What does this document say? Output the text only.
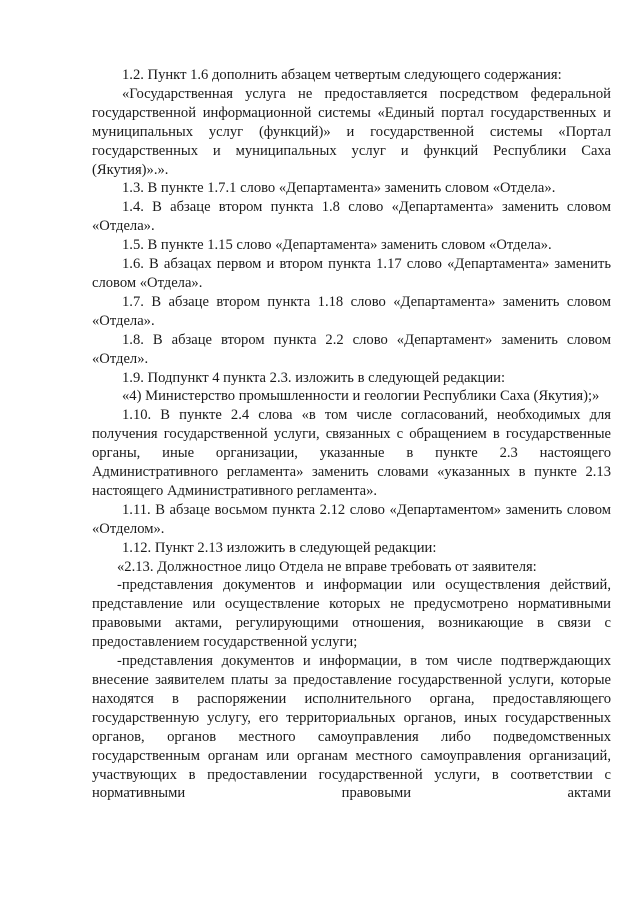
1.2. Пункт 1.6 дополнить абзацем четвертым следующего содержания:

«Государственная услуга не предоставляется посредством федеральной государственной информационной системы «Единый портал государственных и муниципальных услуг (функций)» и государственной системы «Портал государственных и муниципальных услуг и функций Республики Саха (Якутия)».».

1.3. В пункте 1.7.1 слово «Департамента» заменить словом «Отдела».

1.4. В абзаце втором пункта 1.8 слово «Департамента» заменить словом «Отдела».

1.5. В пункте 1.15 слово «Департамента» заменить словом «Отдела».

1.6. В абзацах первом и втором пункта 1.17 слово «Департамента» заменить словом «Отдела».

1.7. В абзаце втором пункта 1.18 слово «Департамента» заменить словом «Отдела».

1.8. В абзаце втором пункта 2.2 слово «Департамент» заменить словом «Отдел».

1.9. Подпункт 4 пункта 2.3. изложить в следующей редакции:

«4) Министерство промышленности и геологии Республики Саха (Якутия);»

1.10. В пункте 2.4 слова «в том числе согласований, необходимых для получения государственной услуги, связанных с обращением в государственные органы, иные организации, указанные в пункте 2.3 настоящего Административного регламента» заменить словами «указанных в пункте 2.13 настоящего Административного регламента».

1.11. В абзаце восьмом пункта 2.12 слово «Департаментом» заменить словом «Отделом».

1.12. Пункт 2.13 изложить в следующей редакции:

«2.13. Должностное лицо Отдела не вправе требовать от заявителя:

-представления документов и информации или осуществления действий, представление или осуществление которых не предусмотрено нормативными правовыми актами, регулирующими отношения, возникающие в связи с предоставлением государственной услуги;

-представления документов и информации, в том числе подтверждающих внесение заявителем платы за предоставление государственной услуги, которые находятся в распоряжении исполнительного органа, предоставляющего государственную услугу, его территориальных органов, иных государственных органов, органов местного самоуправления либо подведомственных государственным органам или органам местного самоуправления организаций, участвующих в предоставлении государственной услуги, в соответствии с нормативными правовыми актами
